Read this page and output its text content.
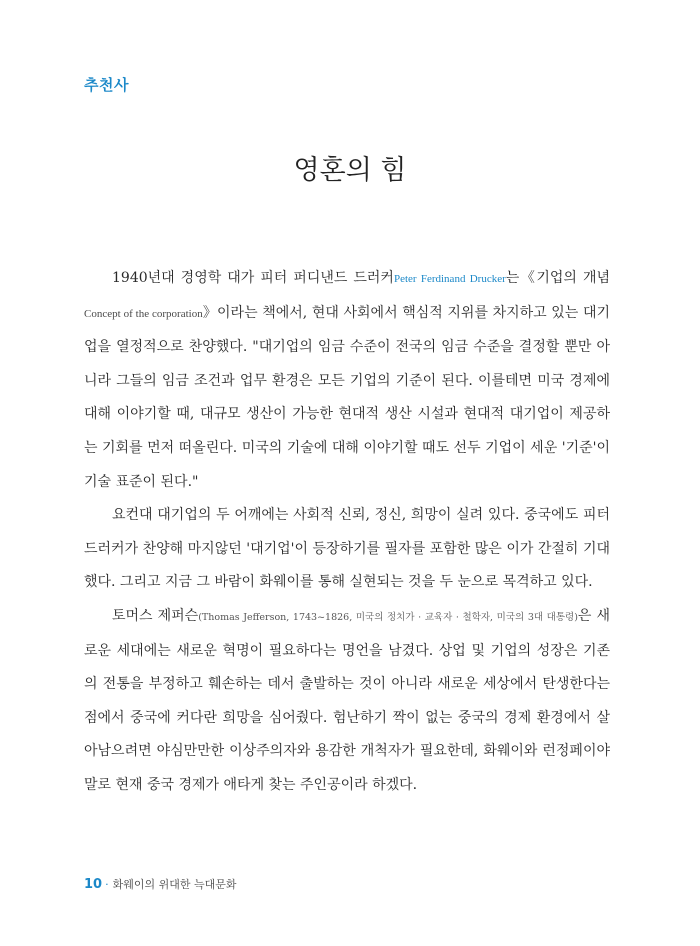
추천사
영혼의 힘

1940년대 경영학 대가 피터 퍼디낸드 드러커Peter Ferdinand Drucker는《기업의 개념 Concept of the corporation》이라는 책에서, 현대 사회에서 핵심적 지위를 차지하고 있는 대기업을 열정적으로 찬양했다. "대기업의 임금 수준이 전국의 임금 수준을 결정할 뿐만 아니라 그들의 임금 조건과 업무 환경은 모든 기업의 기준이 된다. 이를테면 미국 경제에 대해 이야기할 때, 대규모 생산이 가능한 현대적 생산 시설과 현대적 대기업이 제공하는 기회를 먼저 떠올린다. 미국의 기술에 대해 이야기할 때도 선두 기업이 세운 '기준'이 기술 표준이 된다."

요컨대 대기업의 두 어깨에는 사회적 신뢰, 정신, 희망이 실려 있다. 중국에도 피터 드러커가 찬양해 마지않던 '대기업'이 등장하기를 필자를 포함한 많은 이가 간절히 기대했다. 그리고 지금 그 바람이 화웨이를 통해 실현되는 것을 두 눈으로 목격하고 있다.

토머스 제퍼슨(Thomas Jefferson, 1743~1826, 미국의 정치가 · 교육자 · 철학자, 미국의 3대 대통령)은 새로운 세대에는 새로운 혁명이 필요하다는 명언을 남겼다. 상업 및 기업의 성장은 기존의 전통을 부정하고 훼손하는 데서 출발하는 것이 아니라 새로운 세상에서 탄생한다는 점에서 중국에 커다란 희망을 심어줬다. 험난하기 짝이 없는 중국의 경제 환경에서 살아남으려면 야심만만한 이상주의자와 용감한 개척자가 필요한데, 화웨이와 런정페이야말로 현재 중국 경제가 애타게 찾는 주인공이라 하겠다.

10 · 화웨이의 위대한 늑대문화
